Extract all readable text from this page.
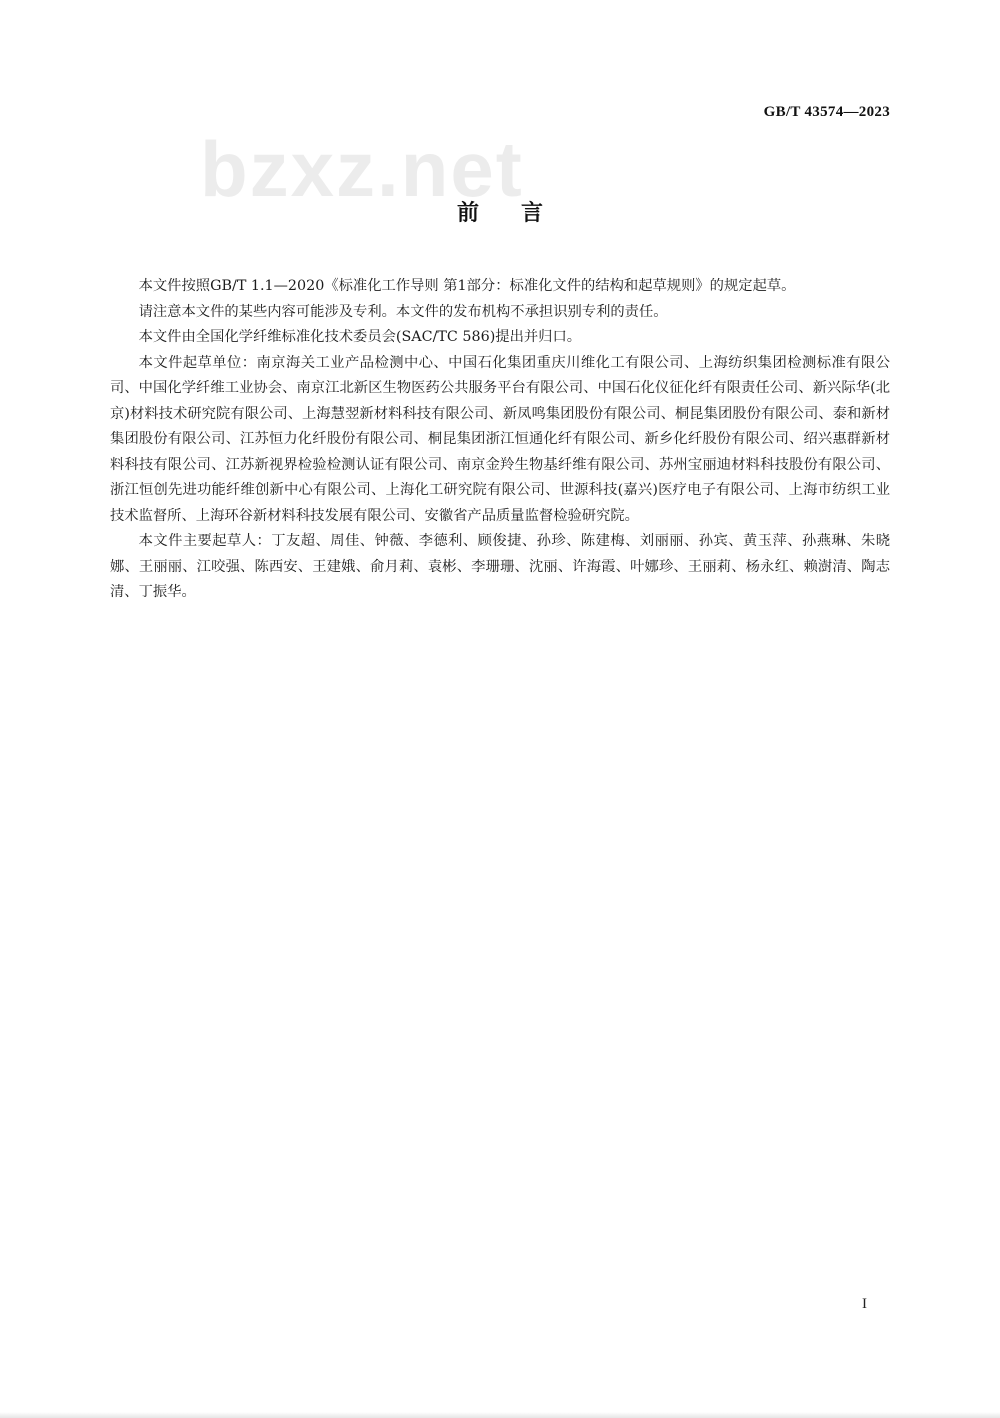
GB/T 43574—2023
bzxz.net
前言

本文件按照GB/T 1.1—2020《标准化工作导则 第1部分：标准化文件的结构和起草规则》的规定起草。

请注意本文件的某些内容可能涉及专利。本文件的发布机构不承担识别专利的责任。

本文件由全国化学纤维标准化技术委员会(SAC/TC 586)提出并归口。

本文件起草单位：南京海关工业产品检测中心、中国石化集团重庆川维化工有限公司、上海纺织集团检测标准有限公司、中国化学纤维工业协会、南京江北新区生物医药公共服务平台有限公司、中国石化仪征化纤有限责任公司、新兴际华(北京)材料技术研究院有限公司、上海慧翌新材料科技有限公司、新凤鸣集团股份有限公司、桐昆集团股份有限公司、泰和新材集团股份有限公司、江苏恒力化纤股份有限公司、桐昆集团浙江恒通化纤有限公司、新乡化纤股份有限公司、绍兴惠群新材料科技有限公司、江苏新视界检验检测认证有限公司、南京金羚生物基纤维有限公司、苏州宝丽迪材料科技股份有限公司、浙江恒创先进功能纤维创新中心有限公司、上海化工研究院有限公司、世源科技(嘉兴)医疗电子有限公司、上海市纺织工业技术监督所、上海环谷新材料科技发展有限公司、安徽省产品质量监督检验研究院。

本文件主要起草人：丁友超、周佳、钟薇、李德利、顾俊捷、孙珍、陈建梅、刘丽丽、孙宾、黄玉萍、孙燕琳、朱晓娜、王丽丽、江咬强、陈西安、王建娥、俞月莉、袁彬、李珊珊、沈丽、许海霞、叶娜珍、王丽莉、杨永红、赖澍清、陶志清、丁振华。

I
